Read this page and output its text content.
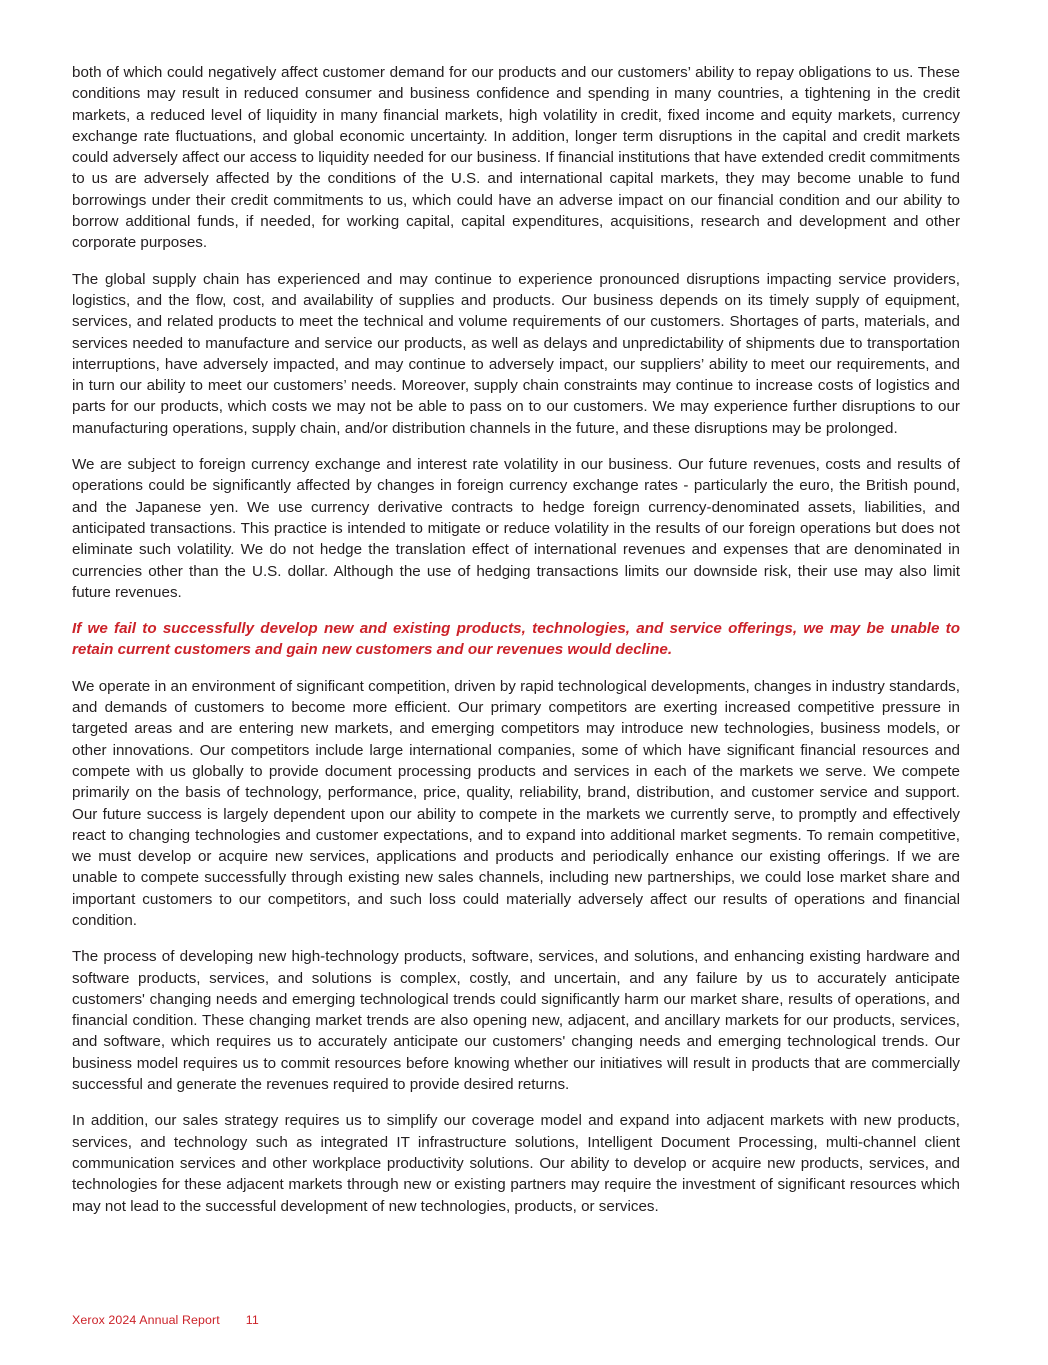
both of which could negatively affect customer demand for our products and our customers’ ability to repay obligations to us. These conditions may result in reduced consumer and business confidence and spending in many countries, a tightening in the credit markets, a reduced level of liquidity in many financial markets, high volatility in credit, fixed income and equity markets, currency exchange rate fluctuations, and global economic uncertainty. In addition, longer term disruptions in the capital and credit markets could adversely affect our access to liquidity needed for our business. If financial institutions that have extended credit commitments to us are adversely affected by the conditions of the U.S. and international capital markets, they may become unable to fund borrowings under their credit commitments to us, which could have an adverse impact on our financial condition and our ability to borrow additional funds, if needed, for working capital, capital expenditures, acquisitions, research and development and other corporate purposes.

The global supply chain has experienced and may continue to experience pronounced disruptions impacting service providers, logistics, and the flow, cost, and availability of supplies and products. Our business depends on its timely supply of equipment, services, and related products to meet the technical and volume requirements of our customers. Shortages of parts, materials, and services needed to manufacture and service our products, as well as delays and unpredictability of shipments due to transportation interruptions, have adversely impacted, and may continue to adversely impact, our suppliers’ ability to meet our requirements, and in turn our ability to meet our customers’ needs. Moreover, supply chain constraints may continue to increase costs of logistics and parts for our products, which costs we may not be able to pass on to our customers. We may experience further disruptions to our manufacturing operations, supply chain, and/or distribution channels in the future, and these disruptions may be prolonged.

We are subject to foreign currency exchange and interest rate volatility in our business. Our future revenues, costs and results of operations could be significantly affected by changes in foreign currency exchange rates - particularly the euro, the British pound, and the Japanese yen. We use currency derivative contracts to hedge foreign currency-denominated assets, liabilities, and anticipated transactions. This practice is intended to mitigate or reduce volatility in the results of our foreign operations but does not eliminate such volatility. We do not hedge the translation effect of international revenues and expenses that are denominated in currencies other than the U.S. dollar. Although the use of hedging transactions limits our downside risk, their use may also limit future revenues.

If we fail to successfully develop new and existing products, technologies, and service offerings, we may be unable to retain current customers and gain new customers and our revenues would decline.

We operate in an environment of significant competition, driven by rapid technological developments, changes in industry standards, and demands of customers to become more efficient. Our primary competitors are exerting increased competitive pressure in targeted areas and are entering new markets, and emerging competitors may introduce new technologies, business models, or other innovations. Our competitors include large international companies, some of which have significant financial resources and compete with us globally to provide document processing products and services in each of the markets we serve. We compete primarily on the basis of technology, performance, price, quality, reliability, brand, distribution, and customer service and support. Our future success is largely dependent upon our ability to compete in the markets we currently serve, to promptly and effectively react to changing technologies and customer expectations, and to expand into additional market segments. To remain competitive, we must develop or acquire new services, applications and products and periodically enhance our existing offerings. If we are unable to compete successfully through existing new sales channels, including new partnerships, we could lose market share and important customers to our competitors, and such loss could materially adversely affect our results of operations and financial condition.

The process of developing new high-technology products, software, services, and solutions, and enhancing existing hardware and software products, services, and solutions is complex, costly, and uncertain, and any failure by us to accurately anticipate customers' changing needs and emerging technological trends could significantly harm our market share, results of operations, and financial condition. These changing market trends are also opening new, adjacent, and ancillary markets for our products, services, and software, which requires us to accurately anticipate our customers' changing needs and emerging technological trends. Our business model requires us to commit resources before knowing whether our initiatives will result in products that are commercially successful and generate the revenues required to provide desired returns.

In addition, our sales strategy requires us to simplify our coverage model and expand into adjacent markets with new products, services, and technology such as integrated IT infrastructure solutions, Intelligent Document Processing, multi-channel client communication services and other workplace productivity solutions. Our ability to develop or acquire new products, services, and technologies for these adjacent markets through new or existing partners may require the investment of significant resources which may not lead to the successful development of new technologies, products, or services.

Xerox 2024 Annual Report 11
